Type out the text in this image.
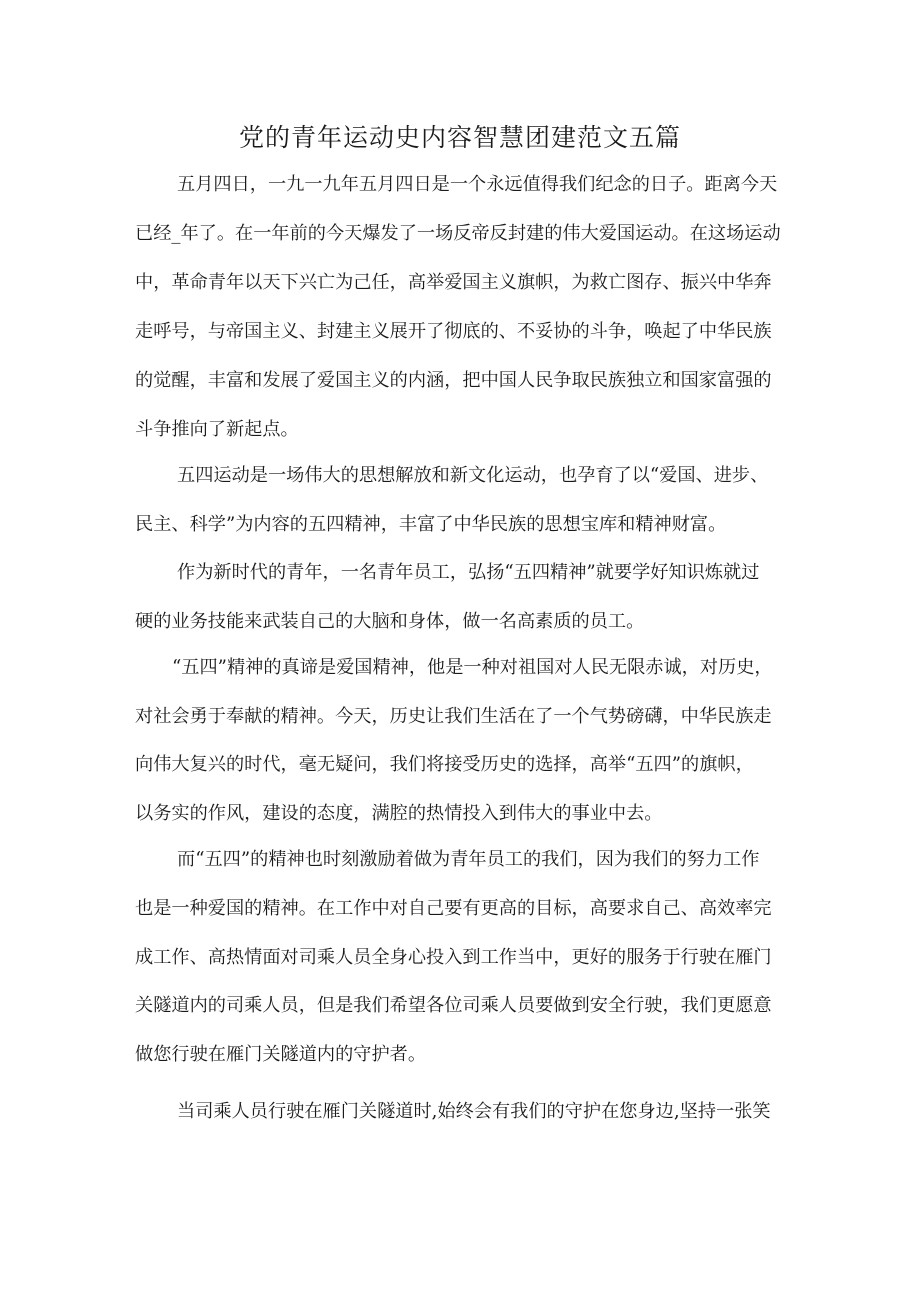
党的青年运动史内容智慧团建范文五篇
五月四日，一九一九年五月四日是一个永远值得我们纪念的日子。距离今天
已经_年了。在一年前的今天爆发了一场反帝反封建的伟大爱国运动。在这场运动
中，革命青年以天下兴亡为己任，高举爱国主义旗帜，为救亡图存、振兴中华奔
走呼号，与帝国主义、封建主义展开了彻底的、不妥协的斗争，唤起了中华民族
的觉醒，丰富和发展了爱国主义的内涵，把中国人民争取民族独立和国家富强的
斗争推向了新起点。
五四运动是一场伟大的思想解放和新文化运动，也孕育了以“爱国、进步、
民主、科学”为内容的五四精神，丰富了中华民族的思想宝库和精神财富。
作为新时代的青年，一名青年员工，弘扬“五四精神”就要学好知识炼就过
硬的业务技能来武装自己的大脑和身体，做一名高素质的员工。
“五四”精神的真谛是爱国精神，他是一种对祖国对人民无限赤诚，对历史，
对社会勇于奉献的精神。今天，历史让我们生活在了一个气势磅礴，中华民族走
向伟大复兴的时代，毫无疑问，我们将接受历史的选择，高举“五四”的旗帜，
以务实的作风，建设的态度，满腔的热情投入到伟大的事业中去。
而“五四”的精神也时刻激励着做为青年员工的我们，因为我们的努力工作
也是一种爱国的精神。在工作中对自己要有更高的目标，高要求自己、高效率完
成工作、高热情面对司乘人员全身心投入到工作当中，更好的服务于行驶在雁门
关隧道内的司乘人员，但是我们希望各位司乘人员要做到安全行驶，我们更愿意
做您行驶在雁门关隧道内的守护者。
当司乘人员行驶在雁门关隧道时,始终会有我们的守护在您身边,坚持一张笑
